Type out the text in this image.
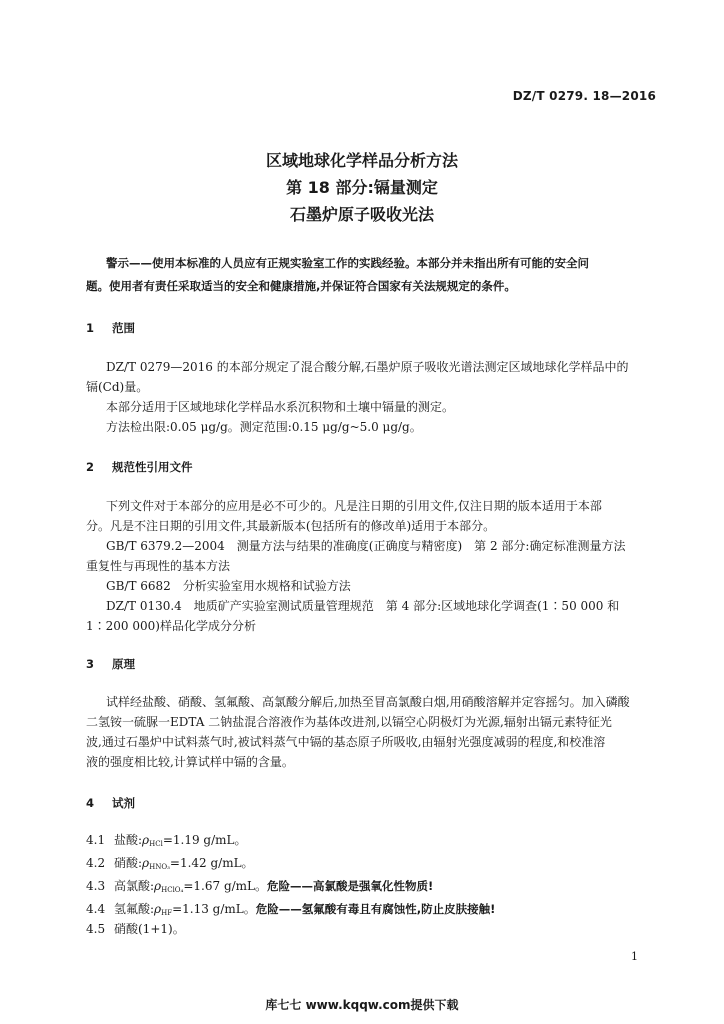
DZ/T 0279. 18—2016
区域地球化学样品分析方法
第 18 部分:镉量测定
石墨炉原子吸收光法
警示——使用本标准的人员应有正规实验室工作的实践经验。本部分并未指出所有可能的安全问
题。使用者有责任采取适当的安全和健康措施,并保证符合国家有关法规规定的条件。
1 范围

DZ/T 0279—2016 的本部分规定了混合酸分解,石墨炉原子吸收光谱法测定区域地球化学样品中的

镉(Cd)量。

本部分适用于区域地球化学样品水系沉积物和土壤中镉量的测定。

方法检出限:0.05 μg/g。测定范围:0.15 μg/g~5.0 μg/g。

2 规范性引用文件

下列文件对于本部分的应用是必不可少的。凡是注日期的引用文件,仅注日期的版本适用于本部

分。凡是不注日期的引用文件,其最新版本(包括所有的修改单)适用于本部分。

GB/T 6379.2—2004　测量方法与结果的准确度(正确度与精密度)　第 2 部分:确定标准测量方法

重复性与再现性的基本方法

GB/T 6682　分析实验室用水规格和试验方法

DZ/T 0130.4　地质矿产实验室测试质量管理规范　第 4 部分:区域地球化学调查(1∶50 000 和

1∶200 000)样品化学成分分析

3 原理

试样经盐酸、硝酸、氢氟酸、高氯酸分解后,加热至冒高氯酸白烟,用硝酸溶解并定容摇匀。加入磷酸

二氢铵一硫脲一EDTA 二钠盐混合溶液作为基体改进剂,以镉空心阴极灯为光源,辐射出镉元素特征光

波,通过石墨炉中试料蒸气时,被试料蒸气中镉的基态原子所吸收,由辐射光强度减弱的程度,和校准溶

液的强度相比较,计算试样中镉的含量。

4 试剂
4.1 盐酸$:\rho_{HCl}=1.19$ g/mL。
4.2 硝酸$:\rho_{HNO_3}=1.42$ g/mL。
4.3 高氯酸$:\rho_{HClO_4}=1.67$ g/mL。危险——高氯酸是强氧化性物质!
4.4 氢氟酸$:\rho_{HF}=1.13$ g/mL。危险——氢氟酸有毒且有腐蚀性,防止皮肤接触!
4.5 硝酸(1+1)。
1
库七七 www.kqqw.com提供下载
